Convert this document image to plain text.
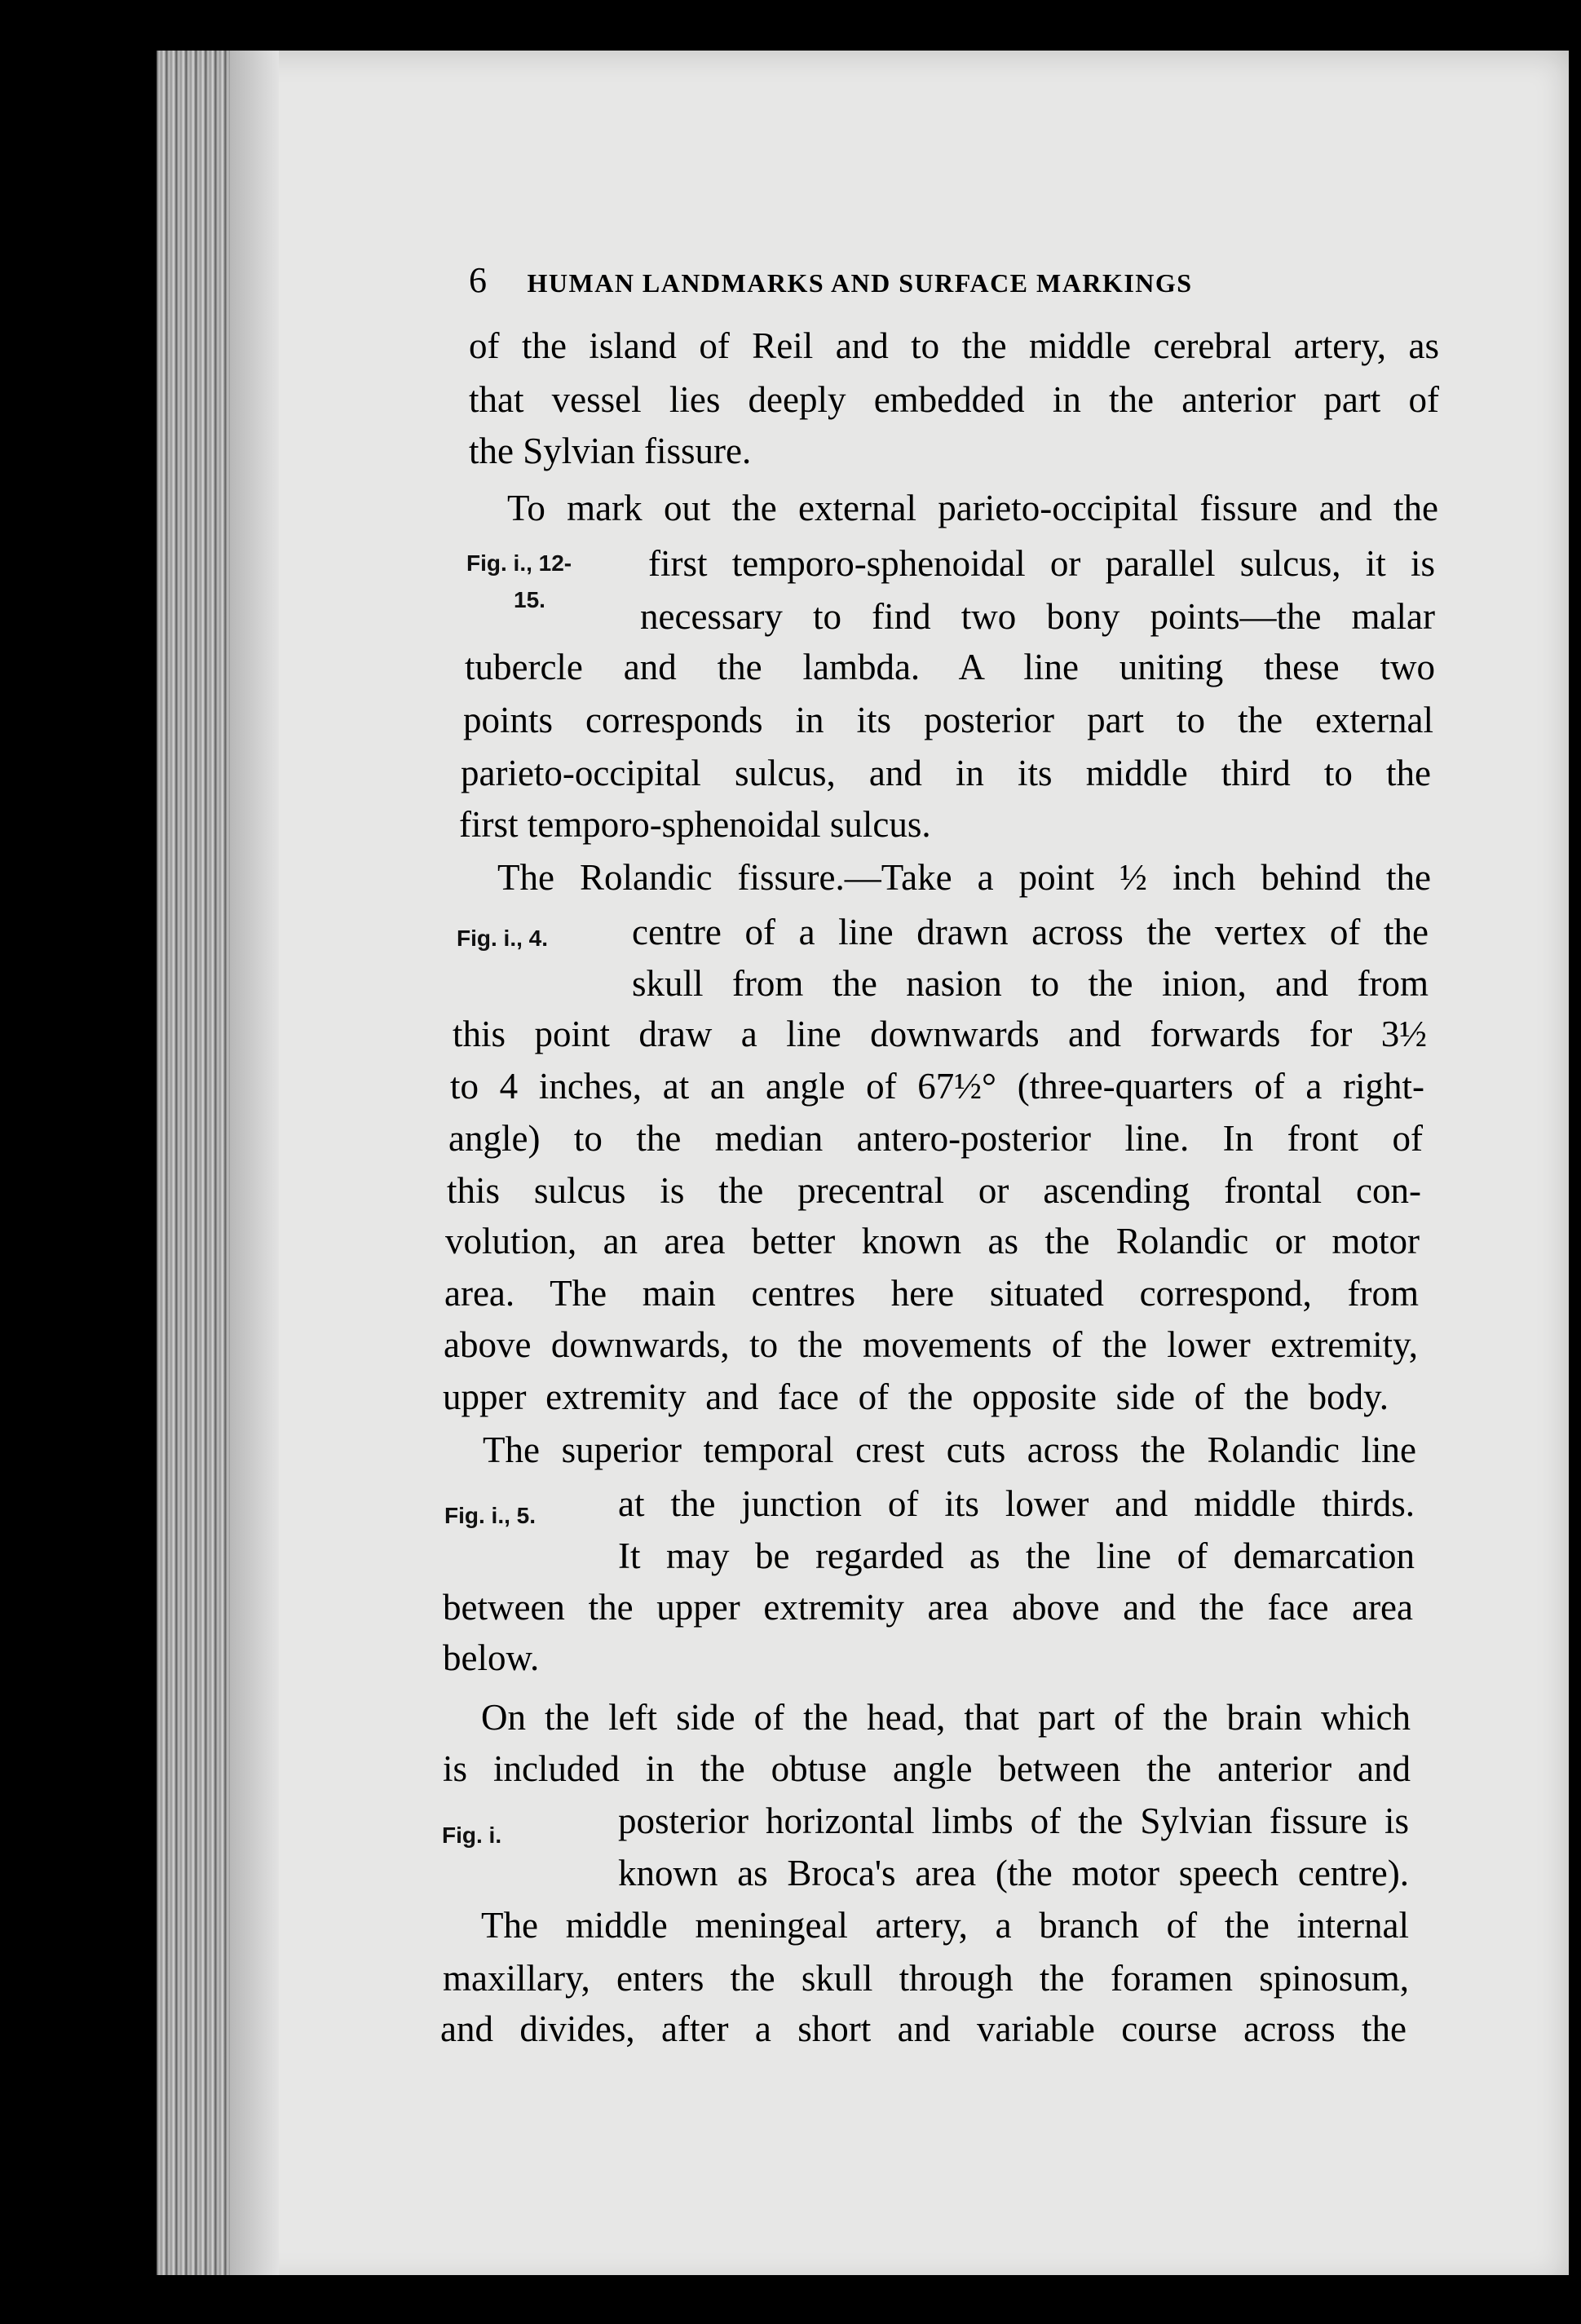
6 HUMAN LANDMARKS AND SURFACE MARKINGS
Fig. i., 12-
15.
Fig. i., 4.
Fig. i., 5.
Fig. i.
of the island of Reil and to the middle cerebral artery, as
that vessel lies deeply embedded in the anterior part of
the Sylvian fissure.
To mark out the external parieto-occipital fissure and the
first temporo-sphenoidal or parallel sulcus, it is
necessary to find two bony points—the malar
tubercle and the lambda. A line uniting these two
points corresponds in its posterior part to the external
parieto-occipital sulcus, and in its middle third to the
first temporo-sphenoidal sulcus.
The Rolandic fissure.—Take a point ½ inch behind the
centre of a line drawn across the vertex of the
skull from the nasion to the inion, and from
this point draw a line downwards and forwards for 3½
to 4 inches, at an angle of 67½° (three-quarters of a right-
angle) to the median antero-posterior line. In front of
this sulcus is the precentral or ascending frontal con-
volution, an area better known as the Rolandic or motor
area. The main centres here situated correspond, from
above downwards, to the movements of the lower extremity,
upper extremity and face of the opposite side of the body.
The superior temporal crest cuts across the Rolandic line
at the junction of its lower and middle thirds.
It may be regarded as the line of demarcation
between the upper extremity area above and the face area
below.
On the left side of the head, that part of the brain which
is included in the obtuse angle between the anterior and
posterior horizontal limbs of the Sylvian fissure is
known as Broca's area (the motor speech centre).
The middle meningeal artery, a branch of the internal
maxillary, enters the skull through the foramen spinosum,
and divides, after a short and variable course across the
